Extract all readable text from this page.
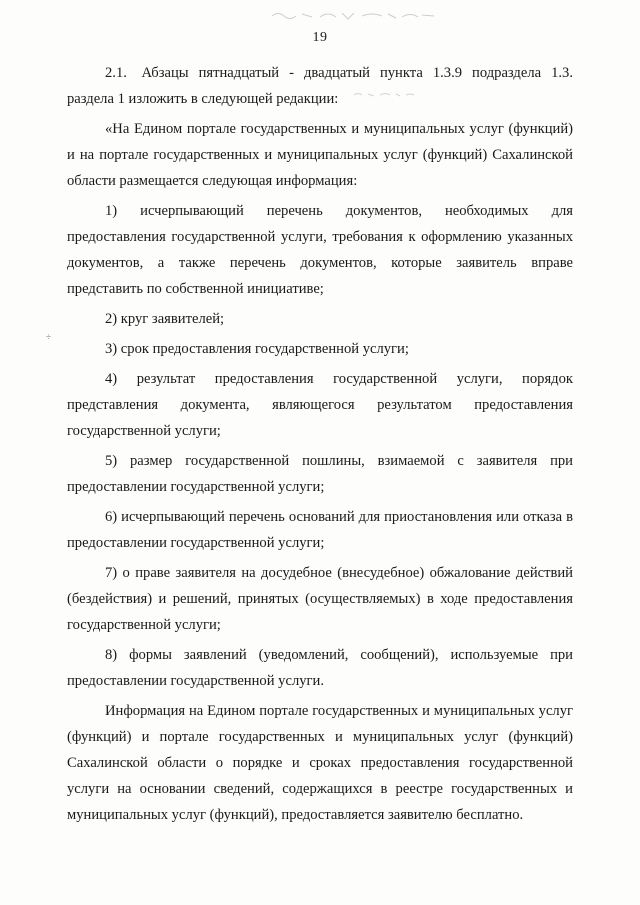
19
÷

2.1. Абзацы пятнадцатый - двадцатый пункта 1.3.9 подраздела 1.3. раздела 1 изложить в следующей редакции:

«На Едином портале государственных и муниципальных услуг (функций) и на портале государственных и муниципальных услуг (функций) Сахалинской области размещается следующая информация:

1) исчерпывающий перечень документов, необходимых для предоставления государственной услуги, требования к оформлению указанных документов, а также перечень документов, которые заявитель вправе представить по собственной инициативе;

2) круг заявителей;

3) срок предоставления государственной услуги;

4) результат предоставления государственной услуги, порядок представления документа, являющегося результатом предоставления государственной услуги;

5) размер государственной пошлины, взимаемой с заявителя при предоставлении государственной услуги;

6) исчерпывающий перечень оснований для приостановления или отказа в предоставлении государственной услуги;

7) о праве заявителя на досудебное (внесудебное) обжалование действий (бездействия) и решений, принятых (осуществляемых) в ходе предоставления государственной услуги;

8) формы заявлений (уведомлений, сообщений), используемые при предоставлении государственной услуги.

Информация на Едином портале государственных и муниципальных услуг (функций) и портале государственных и муниципальных услуг (функций) Сахалинской области о порядке и сроках предоставления государственной услуги на основании сведений, содержащихся в реестре государственных и муниципальных услуг (функций), предоставляется заявителю бесплатно.
